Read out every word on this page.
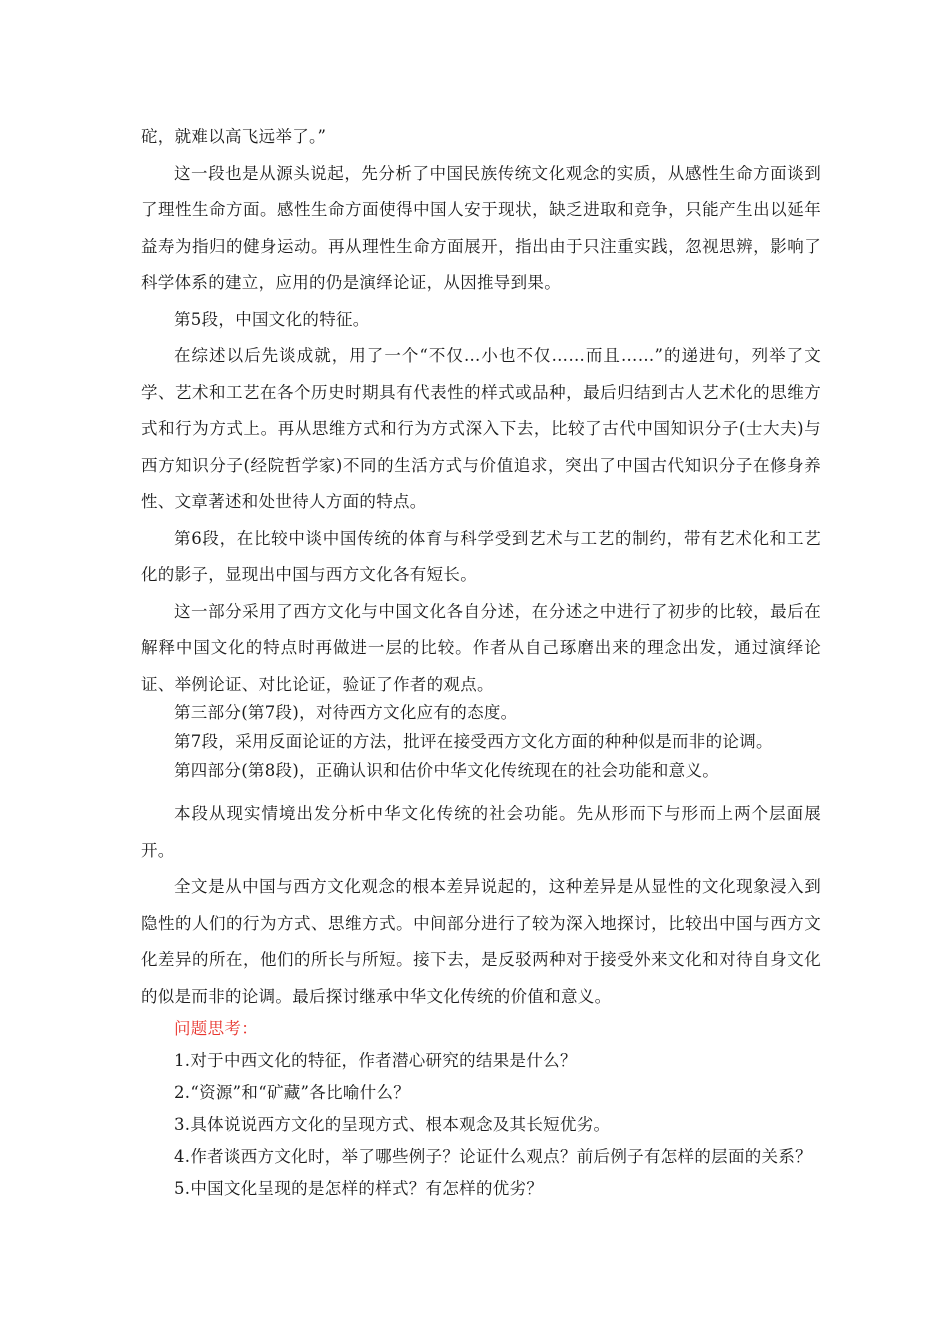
砣，就难以高飞远举了。”

这一段也是从源头说起，先分析了中国民族传统文化观念的实质，从感性生命方面谈到了理性生命方面。感性生命方面使得中国人安于现状，缺乏进取和竞争，只能产生出以延年益寿为指归的健身运动。再从理性生命方面展开，指出由于只注重实践，忽视思辨，影响了科学体系的建立，应用的仍是演绎论证，从因推导到果。

第5段，中国文化的特征。

在综述以后先谈成就，用了一个“不仅…小也不仅……而且……”的递进句，列举了文学、艺术和工艺在各个历史时期具有代表性的样式或品种，最后归结到古人艺术化的思维方式和行为方式上。再从思维方式和行为方式深入下去，比较了古代中国知识分子(士大夫)与西方知识分子(经院哲学家)不同的生活方式与价值追求，突出了中国古代知识分子在修身养性、文章著述和处世待人方面的特点。

第6段，在比较中谈中国传统的体育与科学受到艺术与工艺的制约，带有艺术化和工艺化的影子，显现出中国与西方文化各有短长。

这一部分采用了西方文化与中国文化各自分述，在分述之中进行了初步的比较，最后在解释中国文化的特点时再做进一层的比较。作者从自己琢磨出来的理念出发，通过演绎论证、举例论证、对比论证，验证了作者的观点。

第三部分(第7段)，对待西方文化应有的态度。

第7段，采用反面论证的方法，批评在接受西方文化方面的种种似是而非的论调。

第四部分(第8段)，正确认识和估价中华文化传统现在的社会功能和意义。

本段从现实情境出发分析中华文化传统的社会功能。先从形而下与形而上两个层面展开。

全文是从中国与西方文化观念的根本差异说起的，这种差异是从显性的文化现象浸入到隐性的人们的行为方式、思维方式。中间部分进行了较为深入地探讨，比较出中国与西方文化差异的所在，他们的所长与所短。接下去，是反驳两种对于接受外来文化和对待自身文化的似是而非的论调。最后探讨继承中华文化传统的价值和意义。

问题思考：

1.对于中西文化的特征，作者潜心研究的结果是什么？

2.“资源”和“矿藏”各比喻什么？

3.具体说说西方文化的呈现方式、根本观念及其长短优劣。

4.作者谈西方文化时，举了哪些例子？论证什么观点？前后例子有怎样的层面的关系？

5.中国文化呈现的是怎样的样式？有怎样的优劣？
